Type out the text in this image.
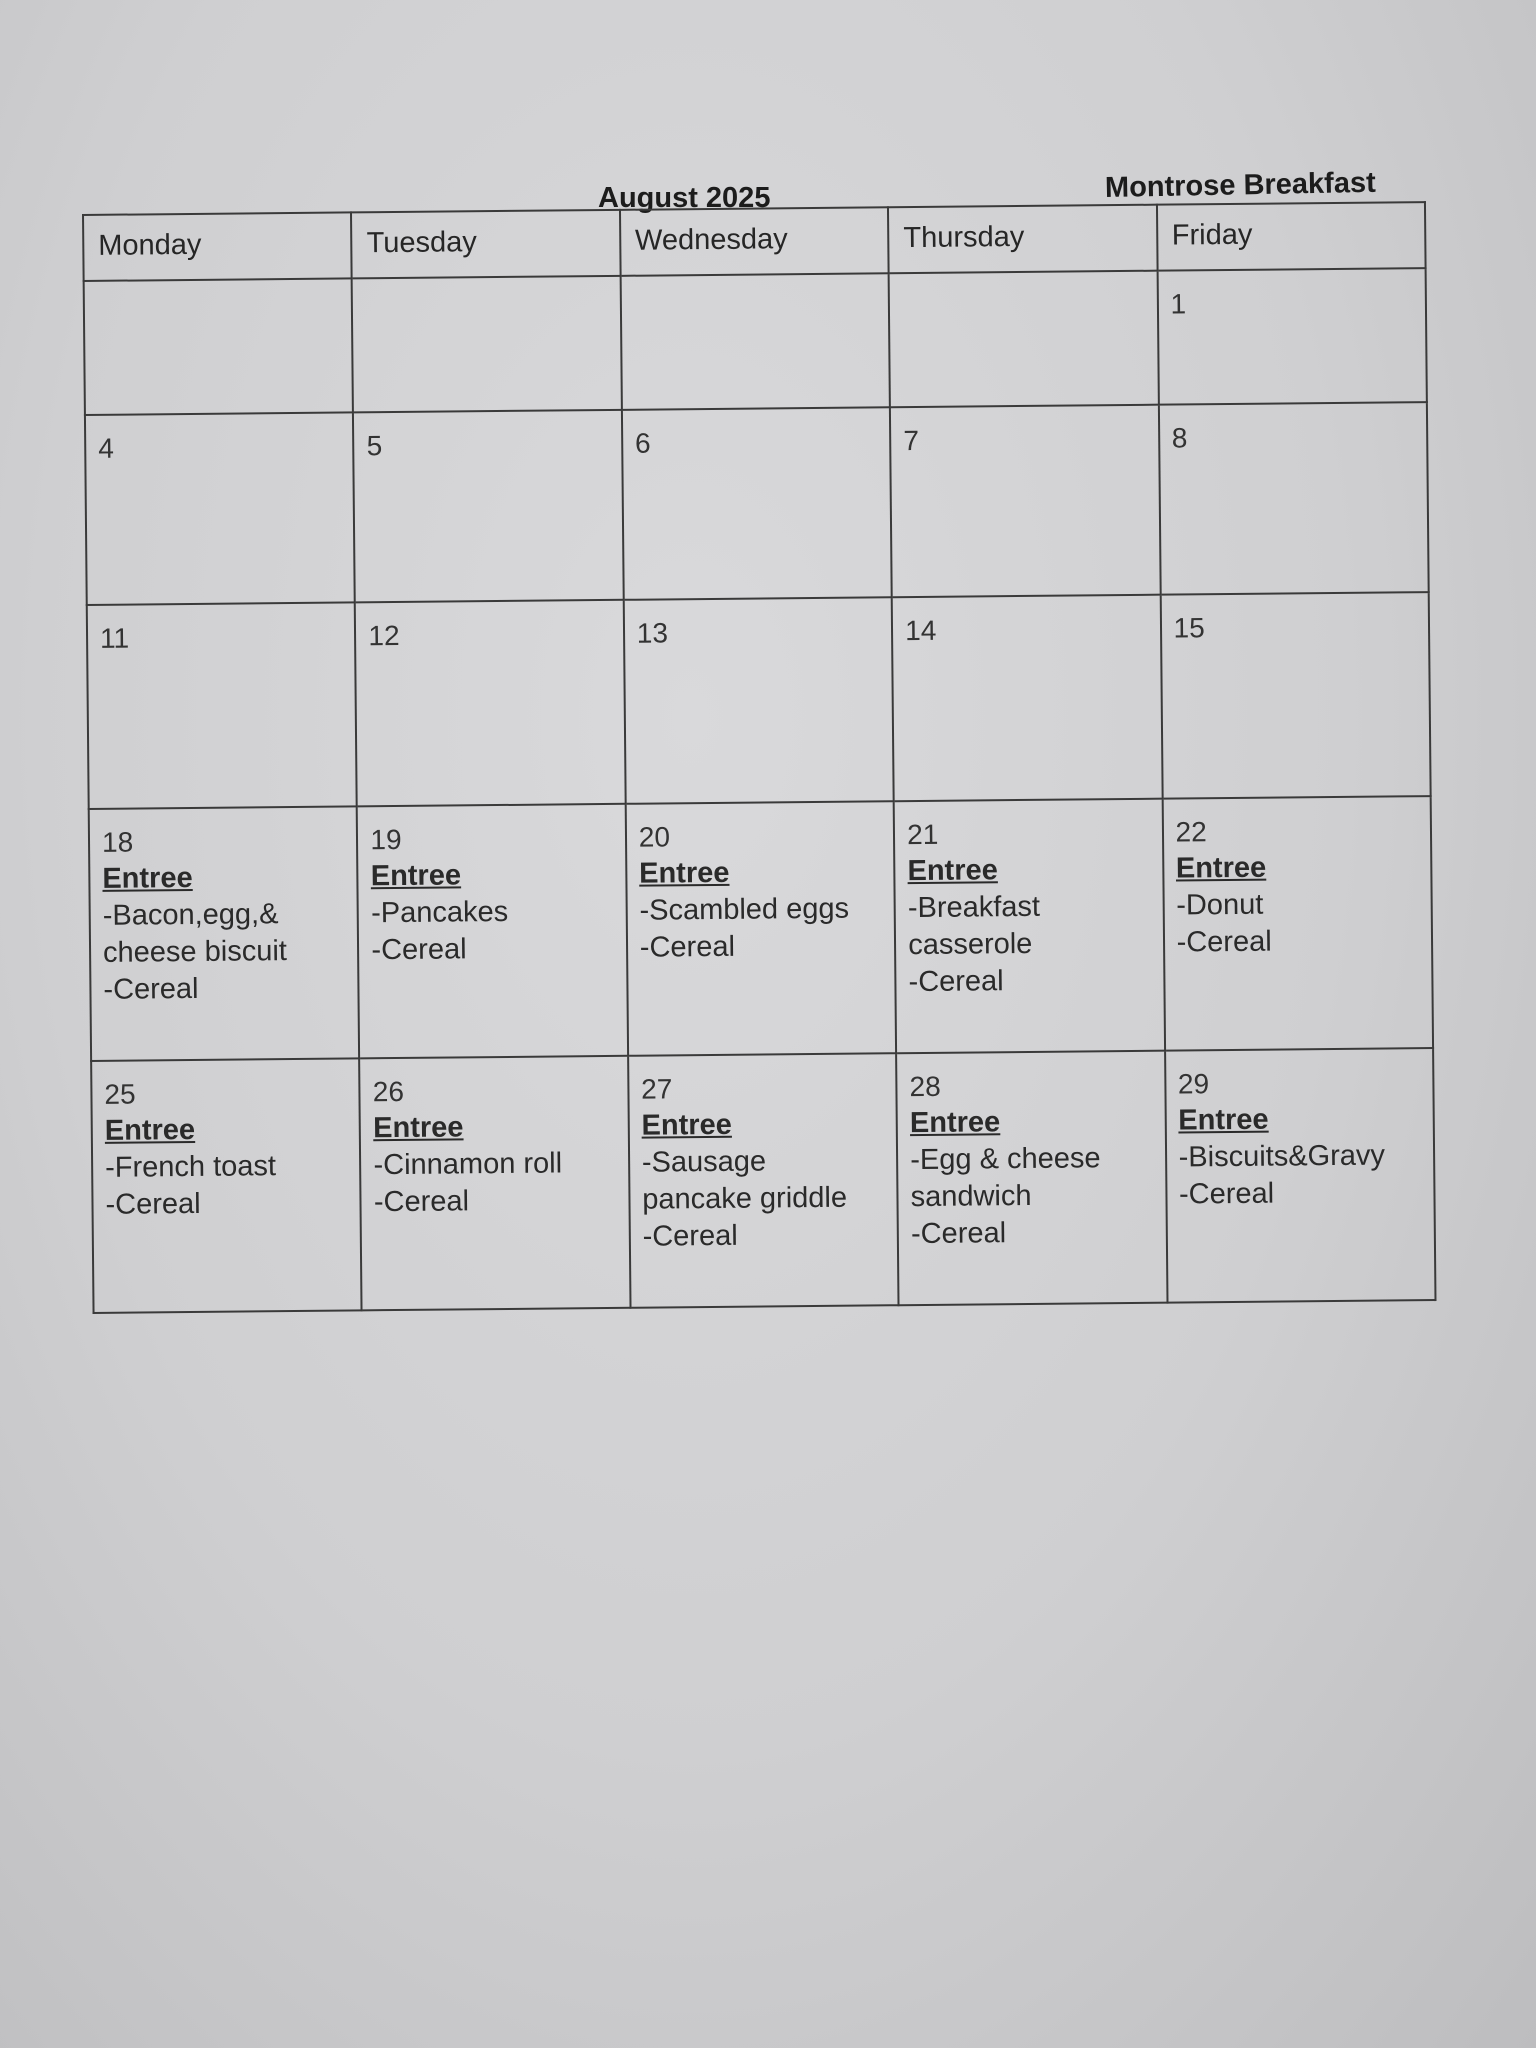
August 2025	Montrose Breakfast
Monday	Tuesday	Wednesday	Thursday	Friday

				1

4	5	6	7	8

11	12	13	14	15

18
Entree
-Bacon,egg,&
cheese biscuit
-Cereal	19
Entree
-Pancakes
-Cereal	20
Entree
-Scambled eggs
-Cereal	21
Entree
-Breakfast
casserole
-Cereal	22
Entree
-Donut
-Cereal

25
Entree
-French toast
-Cereal	26
Entree
-Cinnamon roll
-Cereal	27
Entree
-Sausage
pancake griddle
-Cereal	28
Entree
-Egg & cheese
sandwich
-Cereal	29
Entree
-Biscuits&Gravy
-Cereal
